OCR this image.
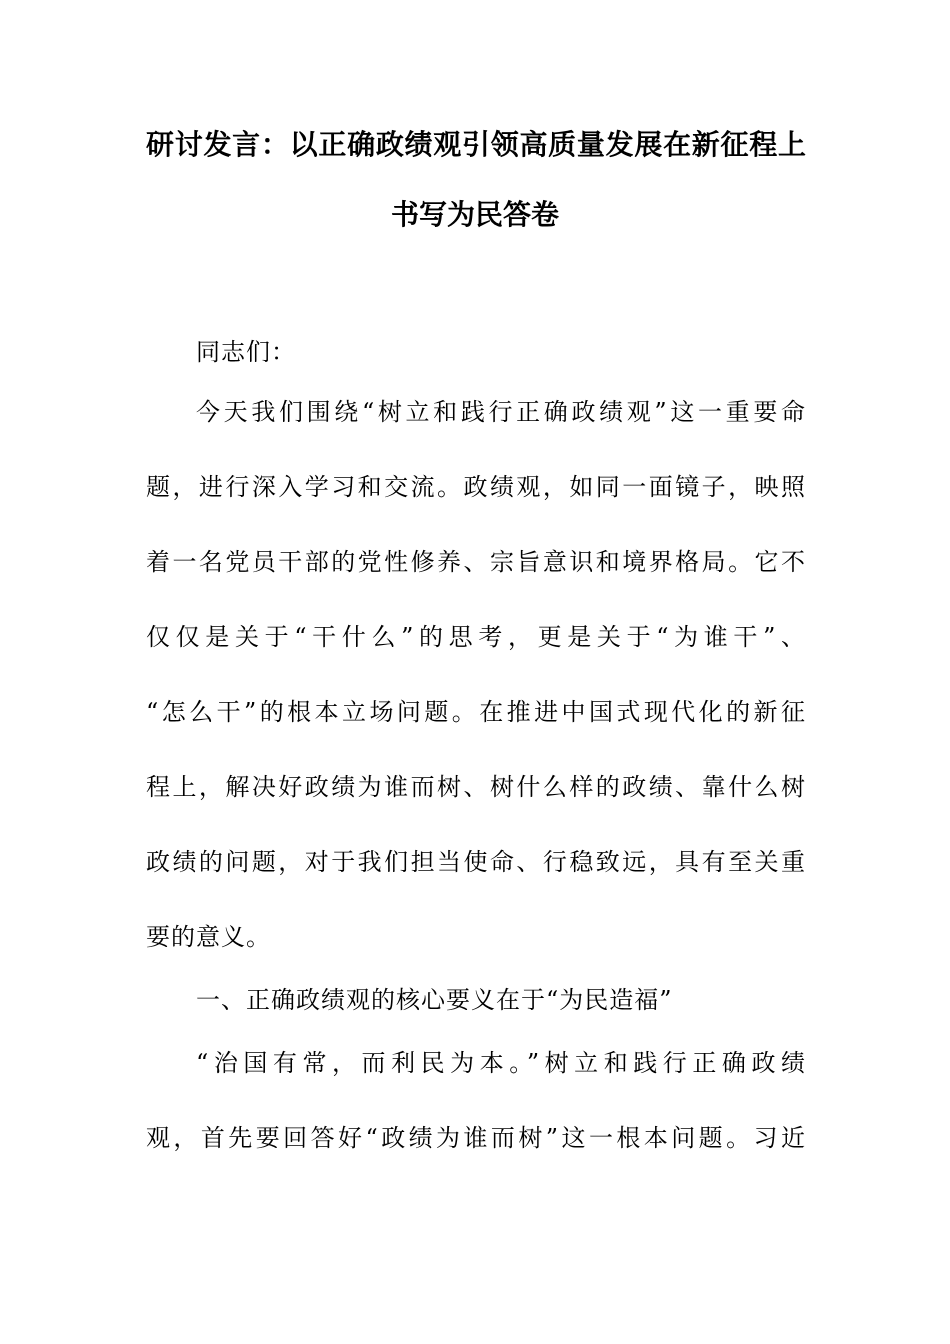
研讨发言：以正确政绩观引领高质量发展在新征程上
书写为民答卷
同志们：
今天我们围绕“树立和践行正确政绩观”这一重要命
题，进行深入学习和交流。政绩观，如同一面镜子，映照
着一名党员干部的党性修养、宗旨意识和境界格局。它不
仅仅是关于“干什么”的思考，更是关于“为谁干”、
“怎么干”的根本立场问题。在推进中国式现代化的新征
程上，解决好政绩为谁而树、树什么样的政绩、靠什么树
政绩的问题，对于我们担当使命、行稳致远，具有至关重
要的意义。
一、正确政绩观的核心要义在于“为民造福”
“治国有常，而利民为本。”树立和践行正确政绩
观，首先要回答好“政绩为谁而树”这一根本问题。习近
